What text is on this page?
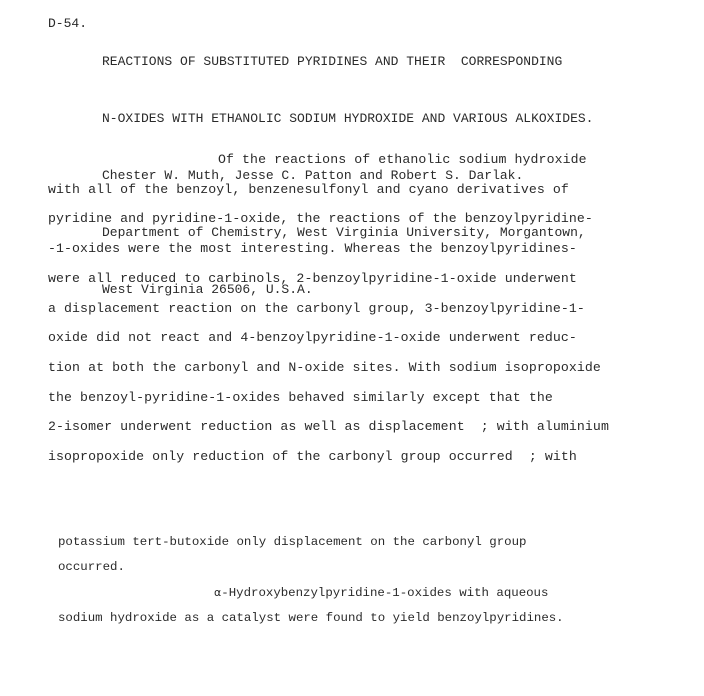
D-54.

REACTIONS OF SUBSTITUTED PYRIDINES AND THEIR  CORRESPONDING

N-OXIDES WITH ETHANOLIC SODIUM HYDROXIDE AND VARIOUS ALKOXIDES.

Chester W. Muth, Jesse C. Patton and Robert S. Darlak.

Department of Chemistry, West Virginia University, Morgantown,

West Virginia 26506, U.S.A.

Of the reactions of ethanolic sodium hydroxide
with all of the benzoyl, benzenesulfonyl and cyano derivatives of
pyridine and pyridine-1-oxide, the reactions of the benzoylpyridine-
-1-oxides were the most interesting. Whereas the benzoylpyridines-
were all reduced to carbinols, 2-benzoylpyridine-1-oxide underwent
a displacement reaction on the carbonyl group, 3-benzoylpyridine-1-
oxide did not react and 4-benzoylpyridine-1-oxide underwent reduc-
tion at both the carbonyl and N-oxide sites. With sodium isopropoxide
the benzoyl-pyridine-1-oxides behaved similarly except that the
2-isomer underwent reduction as well as displacement  ; with aluminium
isopropoxide only reduction of the carbonyl group occurred  ; with
potassium tert-butoxide only displacement on the carbonyl group
occurred.
α-Hydroxybenzylpyridine-1-oxides with aqueous
sodium hydroxide as a catalyst were found to yield benzoylpyridines.
